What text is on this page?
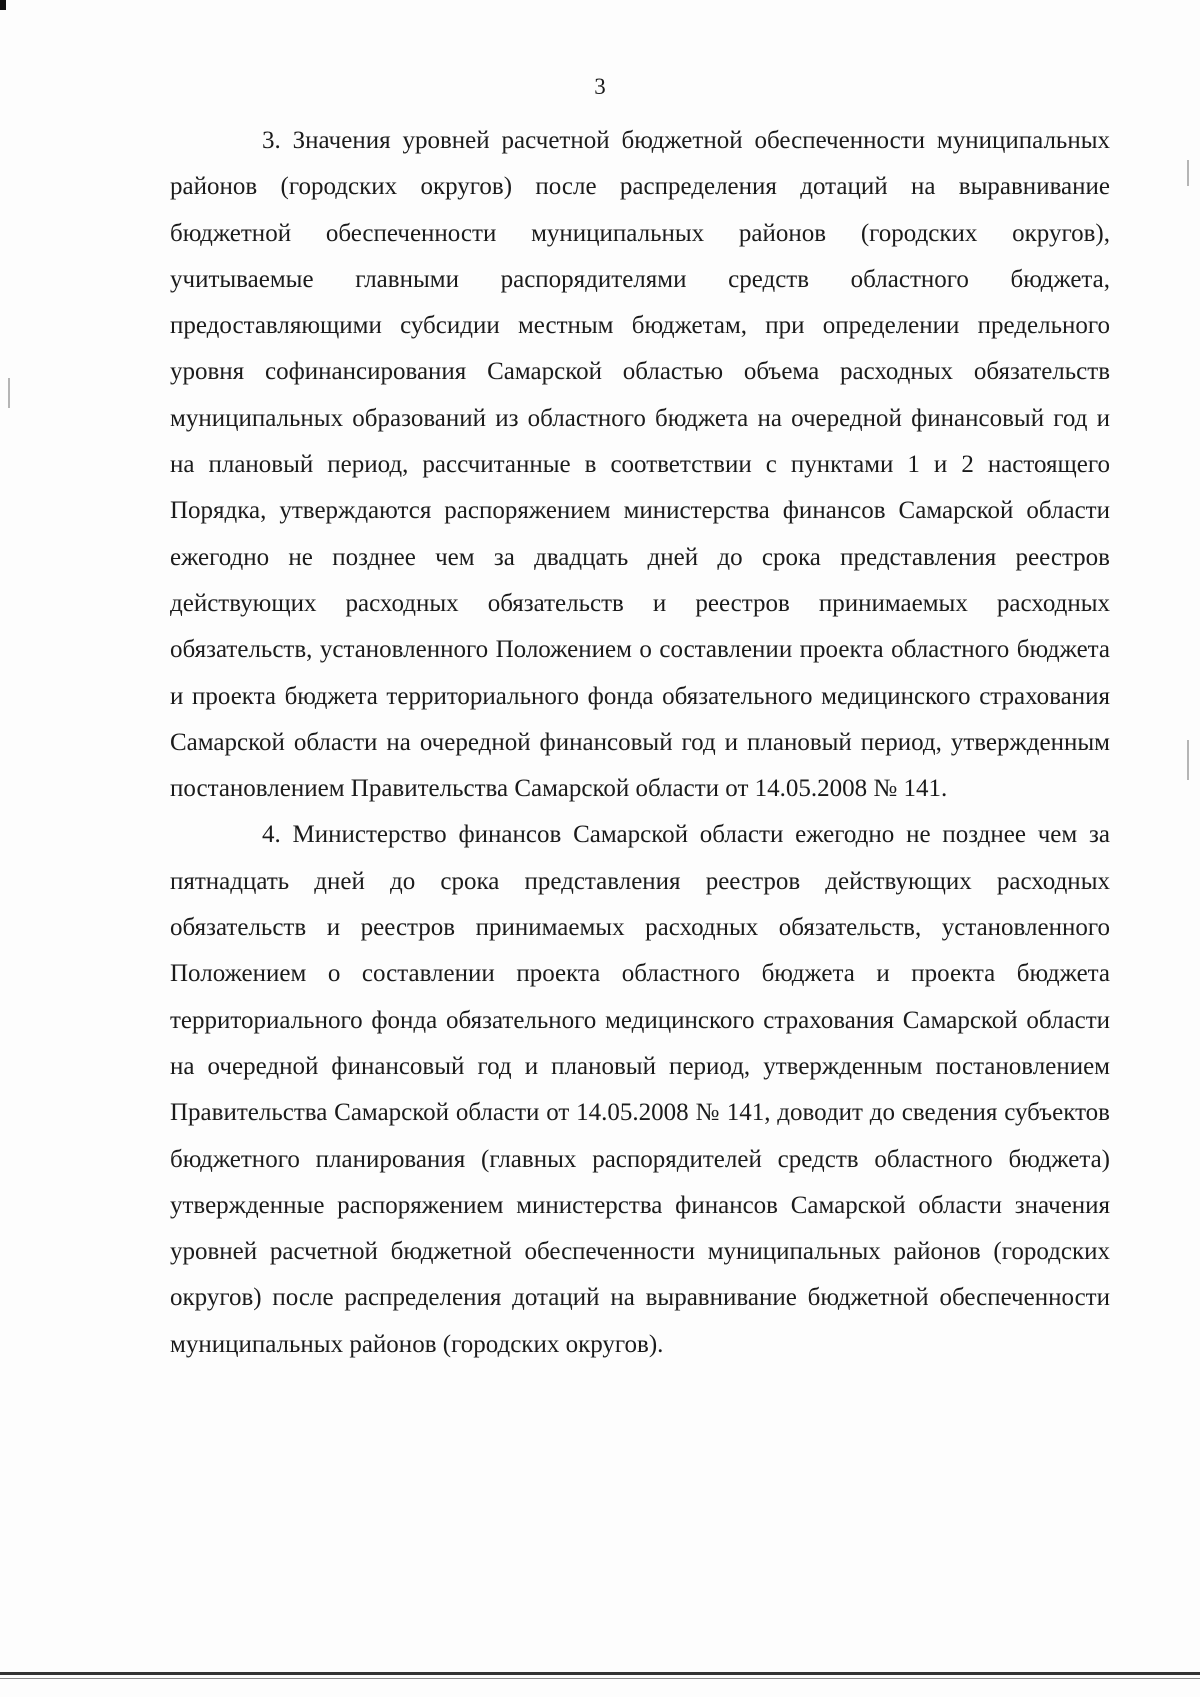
3

3. Значения уровней расчетной бюджетной обеспеченности муниципальных районов (городских округов) после распределения дотаций на выравнивание бюджетной обеспеченности муниципальных районов (городских округов), учитываемые главными распорядителями средств областного бюджета, предоставляющими субсидии местным бюджетам, при определении предельного уровня софинансирования Самарской областью объема расходных обязательств муниципальных образований из областного бюджета на очередной финансовый год и на плановый период, рассчитанные в соответствии с пунктами 1 и 2 настоящего Порядка, утверждаются распоряжением министерства финансов Самарской области ежегодно не позднее чем за двадцать дней до срока представления реестров действующих расходных обязательств и реестров принимаемых расходных обязательств, установленного Положением о составлении проекта областного бюджета и проекта бюджета территориального фонда обязательного медицинского страхования Самарской области на очередной финансовый год и плановый период, утвержденным постановлением Правительства Самарской области от 14.05.2008 № 141.

4. Министерство финансов Самарской области ежегодно не позднее чем за пятнадцать дней до срока представления реестров действующих расходных обязательств и реестров принимаемых расходных обязательств, установленного Положением о составлении проекта областного бюджета и проекта бюджета территориального фонда обязательного медицинского страхования Самарской области на очередной финансовый год и плановый период, утвержденным постановлением Правительства Самарской области от 14.05.2008 № 141, доводит до сведения субъектов бюджетного планирования (главных распорядителей средств областного бюджета) утвержденные распоряжением министерства финансов Самарской области значения уровней расчетной бюджетной обеспеченности муниципальных районов (городских округов) после распределения дотаций на выравнивание бюджетной обеспеченности муниципальных районов (городских округов).
